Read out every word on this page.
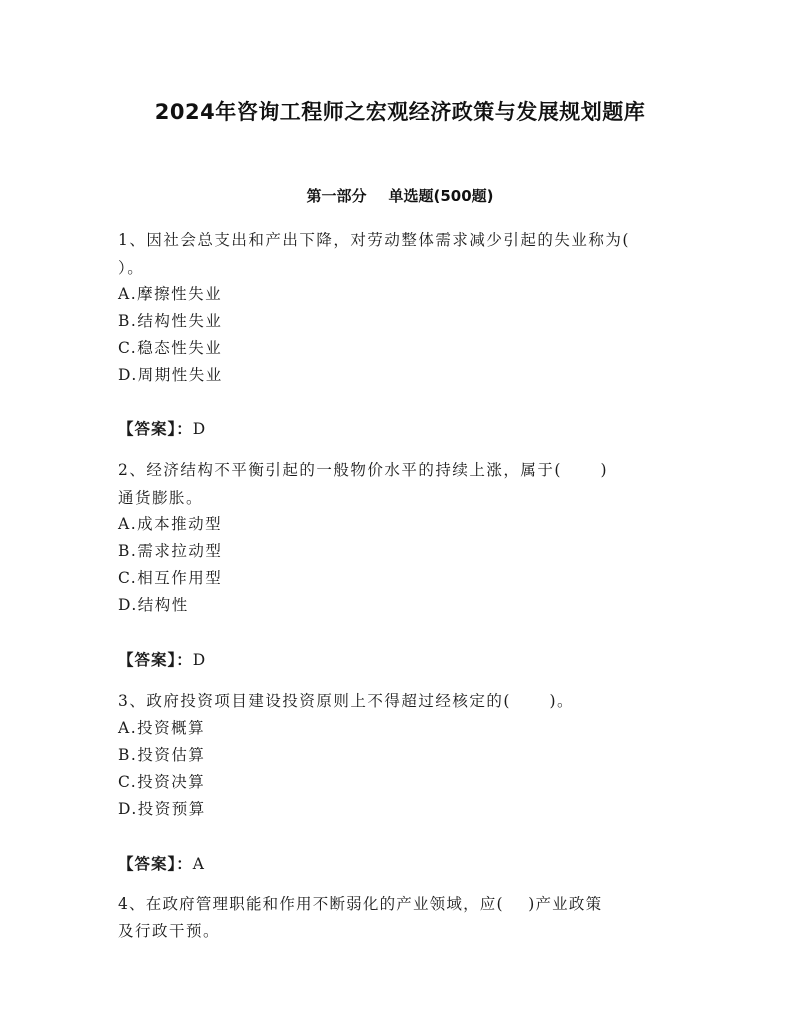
2024年咨询工程师之宏观经济政策与发展规划题库
第一部分 单选题(500题)
1、因社会总支出和产出下降，对劳动整体需求减少引起的失业称为(
）。
A.摩擦性失业
B.结构性失业
C.稳态性失业
D.周期性失业
【答案】：D
2、经济结构不平衡引起的一般物价水平的持续上涨，属于(      )
通货膨胀。
A.成本推动型
B.需求拉动型
C.相互作用型
D.结构性
【答案】：D
3、政府投资项目建设投资原则上不得超过经核定的(      )。
A.投资概算
B.投资估算
C.投资决算
D.投资预算
【答案】：A
4、在政府管理职能和作用不断弱化的产业领域，应(    )产业政策
及行政干预。
